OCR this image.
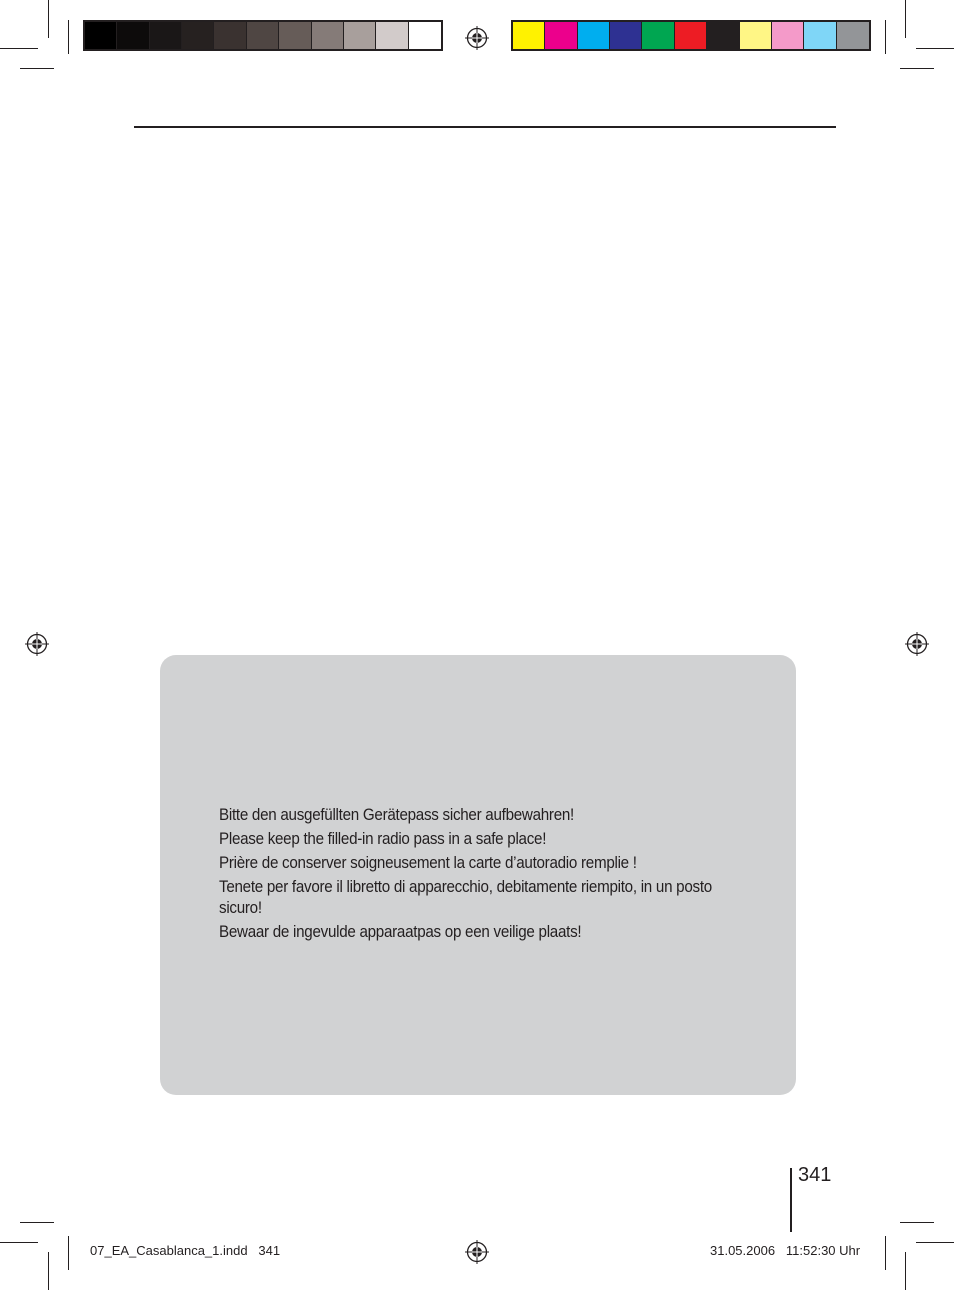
Bitte den ausgefüllten Gerätepass sicher aufbewahren!
Please keep the filled-in radio pass in a safe place!
Prière de conserver soigneusement la carte d’autoradio remplie !
Tenete per favore il libretto di apparecchio, debitamente riempito, in un posto sicuro!
Bewaar de ingevulde apparaatpas op een veilige plaats!
341
07_EA_Casablanca_1.indd   341	31.05.2006   11:52:30 Uhr
